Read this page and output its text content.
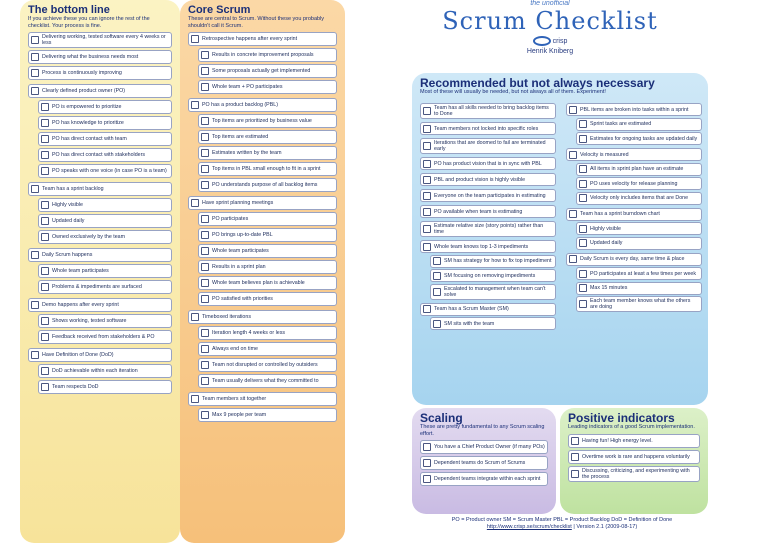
The bottom line
If you achieve these you can ignore the rest of the checklist. Your process is fine.
Delivering working, tested software every 4 weeks or less
Delivering what the business needs most
Process is continuously improving
Clearly defined product owner (PO)
PO is empowered to prioritize
PO has knowledge to prioritize
PO has direct contact with team
PO has direct contact with stakeholders
PO speaks with one voice (in case PO is a team)
Team has a sprint backlog
Highly visible
Updated daily
Owned exclusively by the team
Daily Scrum happens
Whole team participates
Problems & impediments are surfaced
Demo happens after every sprint
Shows working, tested software
Feedback received from stakeholders & PO
Have Definition of Done (DoD)
DoD achievable within each iteration
Team respects DoD
Core Scrum
These are central to Scrum. Without these you probably shouldn't call it Scrum.
Retrospective happens after every sprint
Results in concrete improvement proposals
Some proposals actually get implemented
Whole team + PO participates
PO has a product backlog (PBL)
Top items are prioritized by business value
Top items are estimated
Estimates written by the team
Top items in PBL small enough to fit in a sprint
PO understands purpose of all backlog items
Have sprint planning meetings
PO participates
PO brings up-to-date PBL
Whole team participates
Results in a sprint plan
Whole team believes plan is achievable
PO satisfied with priorities
Timeboxed iterations
Iteration length 4 weeks or less
Always end on time
Team not disrupted or controlled by outsiders
Team usually delivers what they committed to
Team members sit together
Max 9 people per team
the unofficial
Scrum Checklist
crisp
Henrik Kniberg
Recommended but not always necessary
Most of these will usually be needed, but not always all of them. Experiment!
Team has all skills needed to bring backlog items to Done
Team members not locked into specific roles
Iterations that are doomed to fail are terminated early
PO has product vision that is in sync with PBL
PBL and product vision is highly visible
Everyone on the team participates in estimating
PO available when team is estimating
Estimate relative size (story points) rather than time
Whole team knows top 1-3 impediments
SM has strategy for how to fix top impediment
SM focusing on removing impediments
Escalated to management when team can't solve
Team has a Scrum Master (SM)
SM sits with the team
PBL items are broken into tasks within a sprint
Sprint tasks are estimated
Estimates for ongoing tasks are updated daily
Velocity is measured
All items in sprint plan have an estimate
PO uses velocity for release planning
Velocity only includes items that are Done
Team has a sprint burndown chart
Highly visible
Updated daily
Daily Scrum is every day, same time & place
PO participates at least a few times per week
Max 15 minutes
Each team member knows what the others are doing
Scaling
These are pretty fundamental to any Scrum scaling effort.
You have a Chief Product Owner (if many POs)
Dependent teams do Scrum of Scrums
Dependent teams integrate within each sprint
Positive indicators
Leading indicators of a good Scrum implementation.
Having fun! High energy level.
Overtime work is rare and happens voluntarily
Discussing, criticizing, and experimenting with the process
PO = Product owner SM = Scrum Master PBL = Product Backlog DoD = Definition of Done
http://www.crisp.se/scrum/checklist | Version 2.1 (2009-08-17)
